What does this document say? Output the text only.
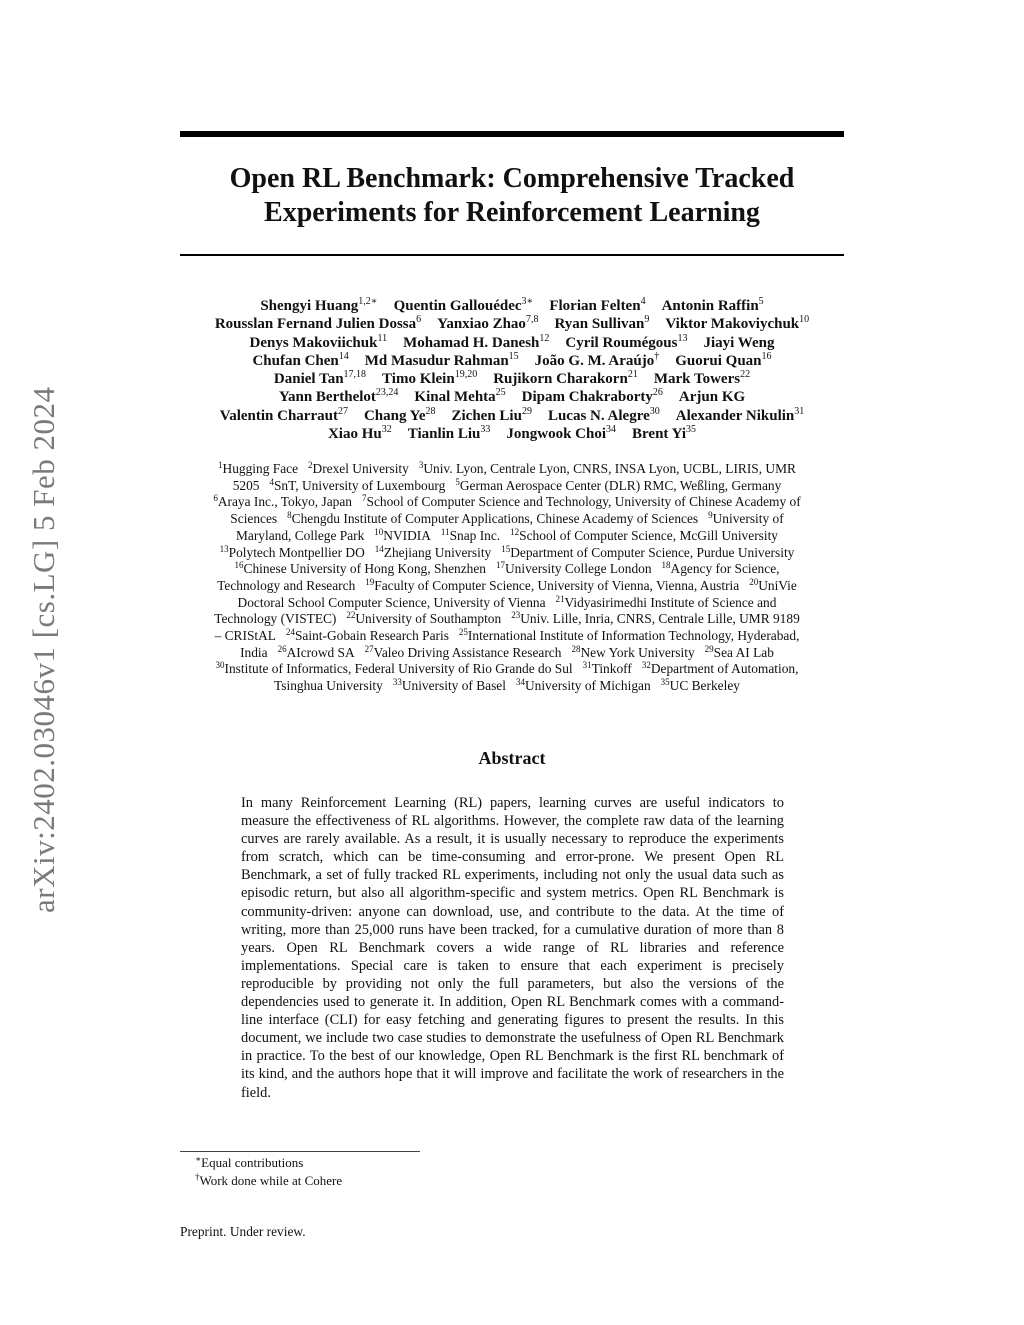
arXiv:2402.03046v1 [cs.LG] 5 Feb 2024
Open RL Benchmark: Comprehensive Tracked
Experiments for Reinforcement Learning
Shengyi Huang$^{1,2∗}$ Quentin Gallouédec$^{3∗}$ Florian Felten$^4$ Antonin Raffin$^5$
Rousslan Fernand Julien Dossa$^6$ Yanxiao Zhao$^{7,8}$ Ryan Sullivan$^9$ Viktor Makoviychuk$^{10}$
Denys Makoviichuk$^{11}$ Mohamad H. Danesh$^{12}$ Cyril Roumégous$^{13}$ Jiayi Weng
Chufan Chen$^{14}$ Md Masudur Rahman$^{15}$ João G. M. Araújo† Guorui Quan$^{16}$
Daniel Tan$^{17,18}$ Timo Klein$^{19,20}$ Rujikorn Charakorn$^{21}$ Mark Towers$^{22}$
Yann Berthelot$^{23,24}$ Kinal Mehta$^{25}$ Dipam Chakraborty$^{26}$ Arjun KG
Valentin Charraut$^{27}$ Chang Ye$^{28}$ Zichen Liu$^{29}$ Lucas N. Alegre$^{30}$ Alexander Nikulin$^{31}$
Xiao Hu$^{32}$ Tianlin Liu$^{33}$ Jongwook Choi$^{34}$ Brent Yi$^{35}$
$^1$Hugging Face $^2$Drexel University $^3$Univ. Lyon, Centrale Lyon, CNRS, INSA Lyon, UCBL, LIRIS, UMR
5205 $^4$SnT, University of Luxembourg $^5$German Aerospace Center (DLR) RMC, Weßling, Germany
$^6$Araya Inc., Tokyo, Japan $^7$School of Computer Science and Technology, University of Chinese Academy of
Sciences $^8$Chengdu Institute of Computer Applications, Chinese Academy of Sciences $^9$University of
Maryland, College Park $^{10}$NVIDIA $^{11}$Snap Inc. $^{12}$School of Computer Science, McGill University
$^{13}$Polytech Montpellier DO $^{14}$Zhejiang University $^{15}$Department of Computer Science, Purdue University
$^{16}$Chinese University of Hong Kong, Shenzhen $^{17}$University College London $^{18}$Agency for Science,
Technology and Research $^{19}$Faculty of Computer Science, University of Vienna, Vienna, Austria $^{20}$UniVie
Doctoral School Computer Science, University of Vienna $^{21}$Vidyasirimedhi Institute of Science and
Technology (VISTEC) $^{22}$University of Southampton $^{23}$Univ. Lille, Inria, CNRS, Centrale Lille, UMR 9189
– CRIStAL $^{24}$Saint-Gobain Research Paris $^{25}$International Institute of Information Technology, Hyderabad,
India $^{26}$AIcrowd SA $^{27}$Valeo Driving Assistance Research $^{28}$New York University $^{29}$Sea AI Lab
$^{30}$Institute of Informatics, Federal University of Rio Grande do Sul $^{31}$Tinkoff $^{32}$Department of Automation,
Tsinghua University $^{33}$University of Basel $^{34}$University of Michigan $^{35}$UC Berkeley
Abstract
In many Reinforcement Learning (RL) papers, learning curves are useful indicators to measure the effectiveness of RL algorithms. However, the complete raw data of the learning curves are rarely available. As a result, it is usually necessary to reproduce the experiments from scratch, which can be time-consuming and error-prone. We present Open RL Benchmark, a set of fully tracked RL experiments, including not only the usual data such as episodic return, but also all algorithm-specific and system metrics. Open RL Benchmark is community-driven: anyone can download, use, and contribute to the data. At the time of writing, more than 25,000 runs have been tracked, for a cumulative duration of more than 8 years. Open RL Benchmark covers a wide range of RL libraries and reference implementations. Special care is taken to ensure that each experiment is precisely reproducible by providing not only the full parameters, but also the versions of the dependencies used to generate it. In addition, Open RL Benchmark comes with a command-line interface (CLI) for easy fetching and generating figures to present the results. In this document, we include two case studies to demonstrate the usefulness of Open RL Benchmark in practice. To the best of our knowledge, Open RL Benchmark is the first RL benchmark of its kind, and the authors hope that it will improve and facilitate the work of researchers in the field.
∗Equal contributions
†Work done while at Cohere
Preprint. Under review.
